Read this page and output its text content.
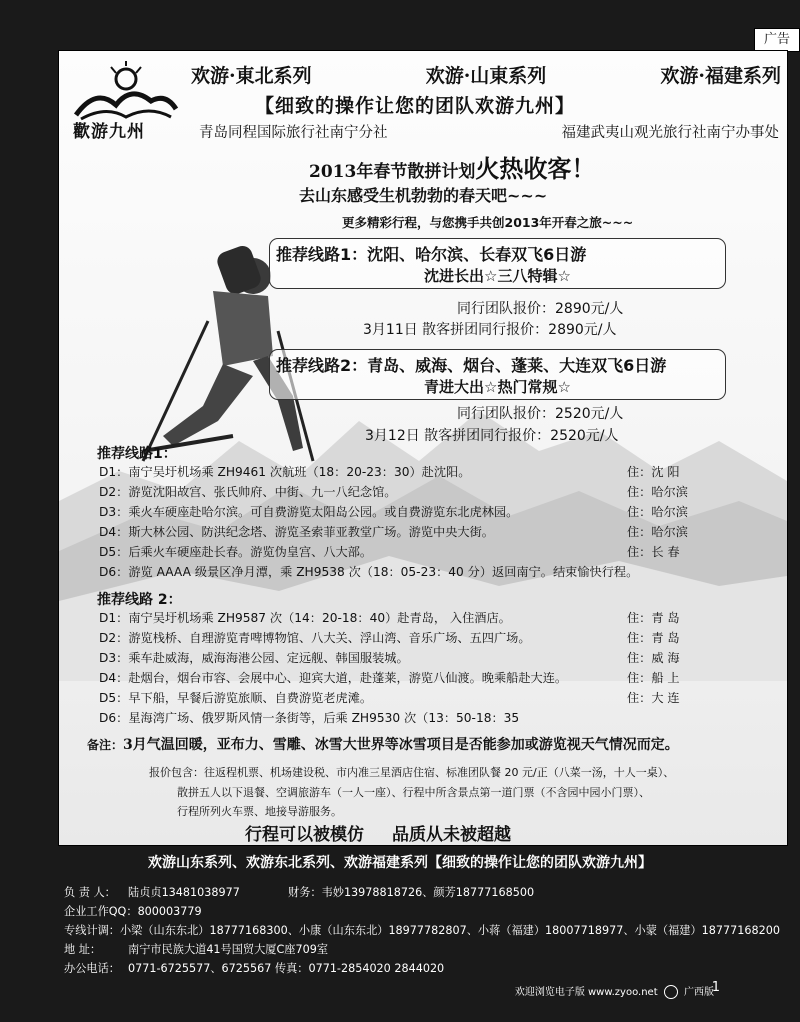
广告
歡游九州
欢游·東北系列	欢游·山東系列	欢游·福建系列
【细致的操作让您的团队欢游九州】
青岛同程国际旅行社南宁分社	福建武夷山观光旅行社南宁办事处
2013年春节散拼计划火热收客！
去山东感受生机勃勃的春天吧~~~
更多精彩行程，与您携手共创2013年开春之旅~~~
推荐线路1：沈阳、哈尔滨、长春双飞6日游
沈进长出☆三八特辑☆
同行团队报价：2890元/人
3月11日 散客拼团同行报价：2890元/人
推荐线路2：青岛、威海、烟台、蓬莱、大连双飞6日游
青进大出☆热门常规☆
同行团队报价：2520元/人
3月12日 散客拼团同行报价：2520元/人
推荐线路1：
D1：南宁吴圩机场乘 ZH9461 次航班（18：20-23：30）赴沈阳。	住：沈 阳
D2：游览沈阳故宫、张氏帅府、中街、九一八纪念馆。	住：哈尔滨
D3：乘火车硬座赴哈尔滨。可自费游览太阳岛公园。或自费游览东北虎林园。	住：哈尔滨
D4：斯大林公园、防洪纪念塔、游览圣索菲亚教堂广场。游览中央大街。	住：哈尔滨
D5：后乘火车硬座赴长春。游览伪皇宫、八大部。	住：长 春
D6：游览 AAAA 级景区净月潭，乘 ZH9538 次（18：05-23：40 分）返回南宁。结束愉快行程。
推荐线路 2：
D1：南宁吴圩机场乘 ZH9587 次（14：20-18：40）赴青岛， 入住酒店。	住：青 岛
D2：游览栈桥、自理游览青啤博物馆、八大关、浮山湾、音乐广场、五四广场。	住：青 岛
D3：乘车赴威海，威海海港公园、定远舰、韩国服装城。	住：威 海
D4：赴烟台，烟台市容、会展中心、迎宾大道，赴蓬莱，游览八仙渡。晚乘船赴大连。	住：船 上
D5：早下船，早餐后游览旅顺、自费游览老虎滩。	住：大 连
D6：星海湾广场、俄罗斯风情一条街等，后乘 ZH9530 次（13：50-18：35
备注：3月气温回暖，亚布力、雪雕、冰雪大世界等冰雪项目是否能参加或游览视天气情况而定。
报价包含：往返程机票、机场建设税、市内准三星酒店住宿、标准团队餐 20 元/正（八菜一汤，十人一桌）、
散拼五人以下退餐、空调旅游车（一人一座）、行程中所含景点第一道门票（不含园中园小门票）、
行程所列火车票、地接导游服务。
行程可以被模仿 品质从未被超越
欢游山东系列、欢游东北系列、欢游福建系列【细致的操作让您的团队欢游九州】
负 责 人： 陆贞贞13481038977	财务：韦妙13978818726、颜芳18777168500
企业工作QQ：800003779
专线计调：小梁（山东东北）18777168300、小康（山东东北）18977782807、小蒋（福建）18007718977、小蒙（福建）18777168200
地 址： 南宁市民族大道41号国贸大厦C座709室
办公电话： 0771-6725577、6725567 传真：0771-2854020 2844020
欢迎浏览电子版 www.zyoo.net	广西版
1
